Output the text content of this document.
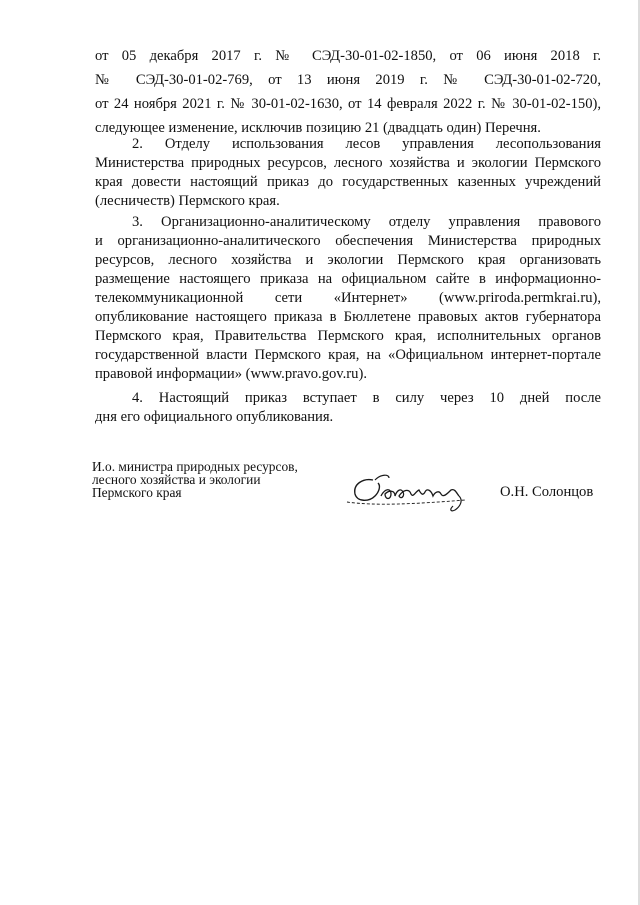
от 05 декабря 2017 г. № СЭД-30-01-02-1850, от 06 июня 2018 г.
№ СЭД-30-01-02-769, от 13 июня 2019 г. № СЭД-30-01-02-720,
от 24 ноября 2021 г. № 30-01-02-1630, от 14 февраля 2022 г. № 30-01-02-150),
следующее изменение, исключив позицию 21 (двадцать один) Перечня.
2. Отделу использования лесов управления лесопользования
Министерства природных ресурсов, лесного хозяйства и экологии Пермского
края довести настоящий приказ до государственных казенных учреждений
(лесничеств) Пермского края.
3. Организационно-аналитическому отделу управления правового
и организационно-аналитического обеспечения Министерства природных
ресурсов, лесного хозяйства и экологии Пермского края организовать
размещение настоящего приказа на официальном сайте в информационно-
телекоммуникационной сети «Интернет» (www.priroda.permkrai.ru),
опубликование настоящего приказа в Бюллетене правовых актов губернатора
Пермского края, Правительства Пермского края, исполнительных органов
государственной власти Пермского края, на «Официальном интернет-портале
правовой информации» (www.pravo.gov.ru).
4. Настоящий приказ вступает в силу через 10 дней после
дня его официального опубликования.
И.о. министра природных ресурсов,
лесного хозяйства и экологии
Пермского края	О.Н. Солонцов
